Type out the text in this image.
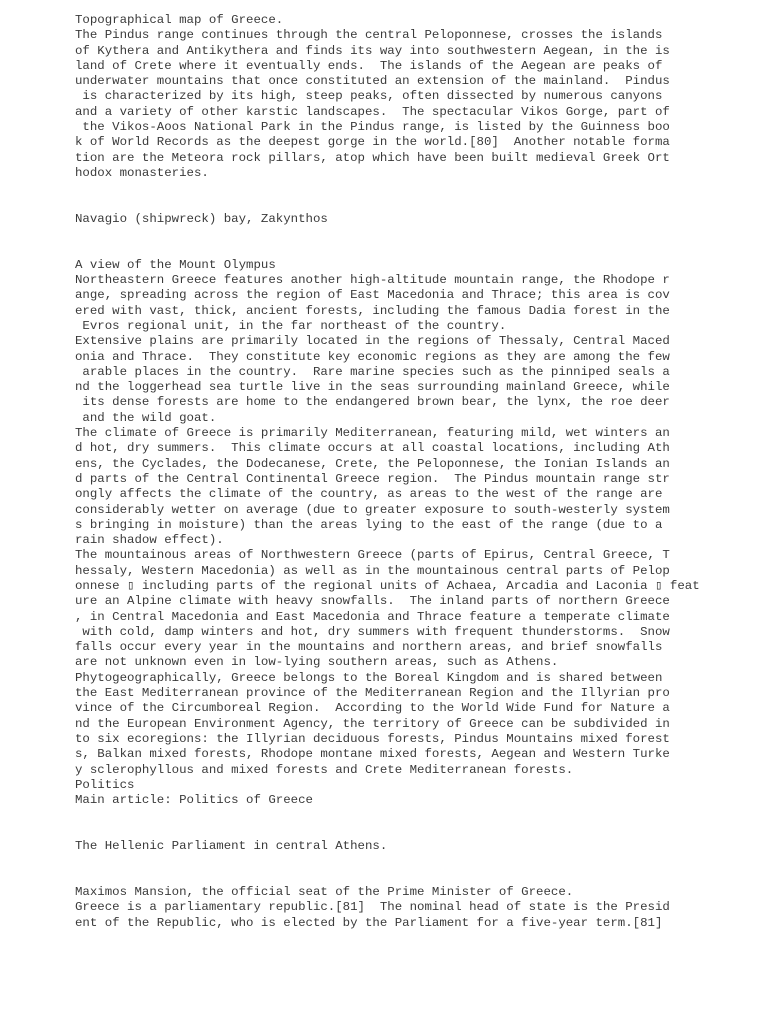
Topographical map of Greece.
The Pindus range continues through the central Peloponnese, crosses the islands
of Kythera and Antikythera and finds its way into southwestern Aegean, in the is
land of Crete where it eventually ends.  The islands of the Aegean are peaks of
underwater mountains that once constituted an extension of the mainland.  Pindus
is characterized by its high, steep peaks, often dissected by numerous canyons
and a variety of other karstic landscapes.  The spectacular Vikos Gorge, part of
the Vikos-Aoos National Park in the Pindus range, is listed by the Guinness boo
k of World Records as the deepest gorge in the world.[80]  Another notable forma
tion are the Meteora rock pillars, atop which have been built medieval Greek Ort
hodox monasteries.
Navagio (shipwreck) bay, Zakynthos
A view of the Mount Olympus
Northeastern Greece features another high-altitude mountain range, the Rhodope r
ange, spreading across the region of East Macedonia and Thrace; this area is cov
ered with vast, thick, ancient forests, including the famous Dadia forest in the
Evros regional unit, in the far northeast of the country.
Extensive plains are primarily located in the regions of Thessaly, Central Maced
onia and Thrace.  They constitute key economic regions as they are among the few
arable places in the country.  Rare marine species such as the pinniped seals a
nd the loggerhead sea turtle live in the seas surrounding mainland Greece, while
its dense forests are home to the endangered brown bear, the lynx, the roe deer
and the wild goat.
The climate of Greece is primarily Mediterranean, featuring mild, wet winters an
d hot, dry summers.  This climate occurs at all coastal locations, including Ath
ens, the Cyclades, the Dodecanese, Crete, the Peloponnese, the Ionian Islands an
d parts of the Central Continental Greece region.  The Pindus mountain range str
ongly affects the climate of the country, as areas to the west of the range are
considerably wetter on average (due to greater exposure to south-westerly system
s bringing in moisture) than the areas lying to the east of the range (due to a
rain shadow effect).
The mountainous areas of Northwestern Greece (parts of Epirus, Central Greece, T
hessaly, Western Macedonia) as well as in the mountainous central parts of Pelop
onnese ▯ including parts of the regional units of Achaea, Arcadia and Laconia ▯ feat
ure an Alpine climate with heavy snowfalls.  The inland parts of northern Greece
, in Central Macedonia and East Macedonia and Thrace feature a temperate climate
with cold, damp winters and hot, dry summers with frequent thunderstorms.  Snow
falls occur every year in the mountains and northern areas, and brief snowfalls
are not unknown even in low-lying southern areas, such as Athens.
Phytogeographically, Greece belongs to the Boreal Kingdom and is shared between
the East Mediterranean province of the Mediterranean Region and the Illyrian pro
vince of the Circumboreal Region.  According to the World Wide Fund for Nature a
nd the European Environment Agency, the territory of Greece can be subdivided in
to six ecoregions: the Illyrian deciduous forests, Pindus Mountains mixed forest
s, Balkan mixed forests, Rhodope montane mixed forests, Aegean and Western Turke
y sclerophyllous and mixed forests and Crete Mediterranean forests.
Politics
Main article: Politics of Greece
The Hellenic Parliament in central Athens.
Maximos Mansion, the official seat of the Prime Minister of Greece.
Greece is a parliamentary republic.[81]  The nominal head of state is the Presid
ent of the Republic, who is elected by the Parliament for a five-year term.[81]
